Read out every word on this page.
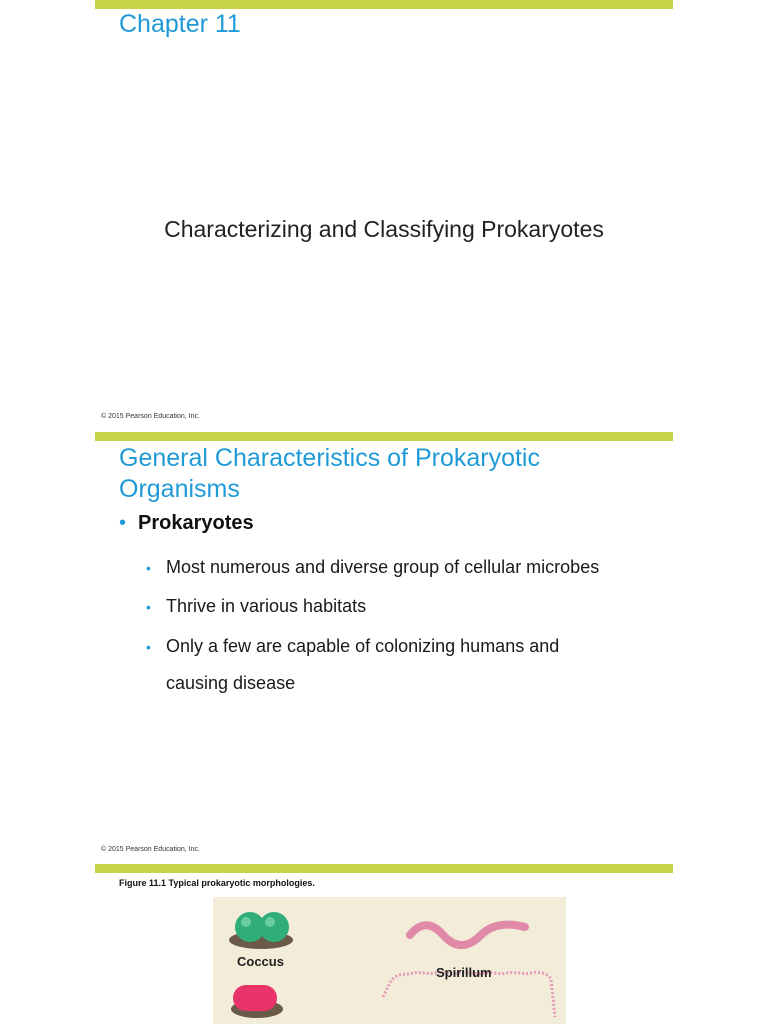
Chapter 11
Characterizing and Classifying Prokaryotes
© 2015 Pearson Education, Inc.
General Characteristics of Prokaryotic Organisms
• Prokaryotes
• Most numerous and diverse group of cellular microbes
• Thrive in various habitats
• Only a few are capable of colonizing humans and
causing disease
© 2015 Pearson Education, Inc.
Figure 11.1 Typical prokaryotic morphologies.
Coccus
Spirillum
